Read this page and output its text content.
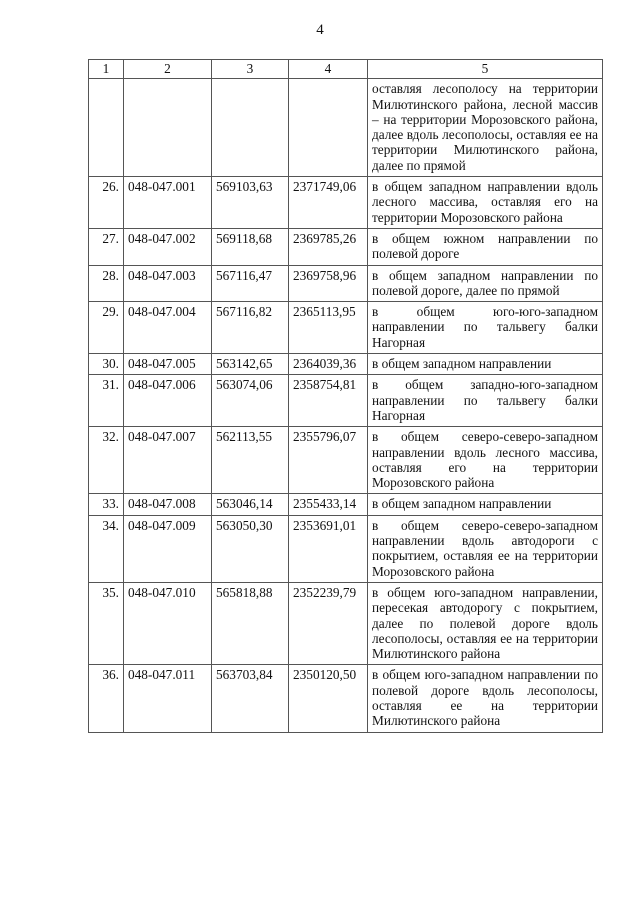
4
1	2	3	4	5
				оставляя лесополосу на территории Милютинского района, лесной массив – на территории Морозовского района, далее вдоль лесополосы, оставляя ее на территории Милютинского района, далее по прямой
26.	048-047.001	569103,63	2371749,06	в общем западном направлении вдоль лесного массива, оставляя его на территории Морозовского района
27.	048-047.002	569118,68	2369785,26	в общем южном направлении по полевой дороге
28.	048-047.003	567116,47	2369758,96	в общем западном направлении по полевой дороге, далее по прямой
29.	048-047.004	567116,82	2365113,95	в общем юго-юго-западном направлении по тальвегу балки Нагорная
30.	048-047.005	563142,65	2364039,36	в общем западном направлении
31.	048-047.006	563074,06	2358754,81	в общем западно-юго-западном направлении по тальвегу балки Нагорная
32.	048-047.007	562113,55	2355796,07	в общем северо-северо-западном направлении вдоль лесного массива, оставляя его на территории Морозовского района
33.	048-047.008	563046,14	2355433,14	в общем западном направлении
34.	048-047.009	563050,30	2353691,01	в общем северо-северо-западном направлении вдоль автодороги с покрытием, оставляя ее на территории Морозовского района
35.	048-047.010	565818,88	2352239,79	в общем юго-западном направлении, пересекая автодорогу с покрытием, далее по полевой дороге вдоль лесополосы, оставляя ее на территории Милютинского района
36.	048-047.011	563703,84	2350120,50	в общем юго-западном направлении по полевой дороге вдоль лесополосы, оставляя ее на территории Милютинского района
